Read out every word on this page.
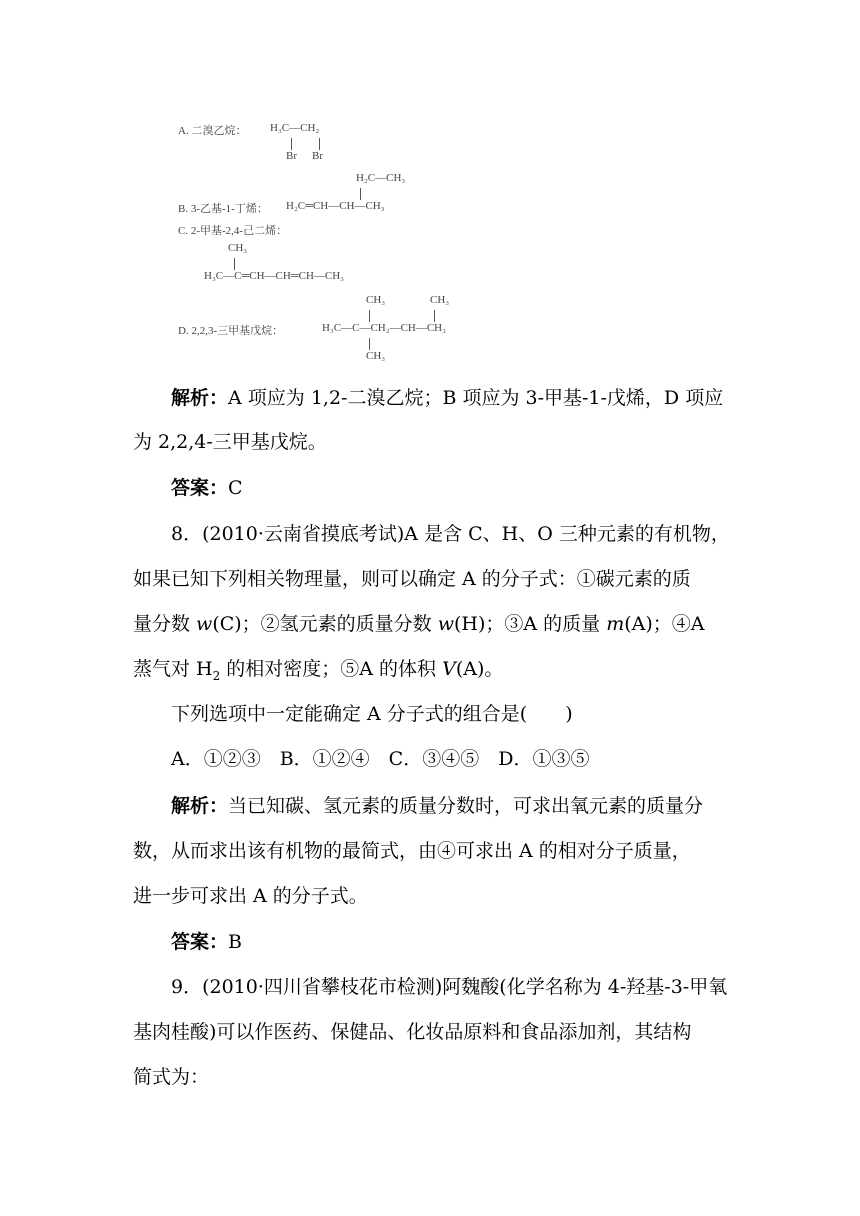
A. 二溴乙烷： H₃C—CH₂
Br Br
H₂C—CH₃
B. 3-乙基-1-丁烯： H₂C═CH—CH—CH₃
C. 2-甲基-2,4-己二烯：
CH₃
H₃C—C═CH—CH═CH—CH₃
CH₃	CH₃
D. 2,2,3-三甲基戊烷：	H₃C—C—CH₂—CH—CH₃
CH₃

解析：A 项应为 1,2-二溴乙烷；B 项应为 3-甲基-1-戊烯，D 项应

为 2,2,4-三甲基戊烷。

答案：C

8．(2010·云南省摸底考试)A 是含 C、H、O 三种元素的有机物，

如果已知下列相关物理量，则可以确定 A 的分子式：①碳元素的质

量分数 w(C)；②氢元素的质量分数 w(H)；③A 的质量 m(A)；④A

蒸气对 $H_2$ 的相对密度；⑤A 的体积 V(A)。

下列选项中一定能确定 A 分子式的组合是(　　)

A．①②③　B．①②④　C．③④⑤　D．①③⑤

解析：当已知碳、氢元素的质量分数时，可求出氧元素的质量分

数，从而求出该有机物的最简式，由④可求出 A 的相对分子质量，

进一步可求出 A 的分子式。

答案：B

9．(2010·四川省攀枝花市检测)阿魏酸(化学名称为 4-羟基-3-甲氧

基肉桂酸)可以作医药、保健品、化妆品原料和食品添加剂，其结构

简式为：
